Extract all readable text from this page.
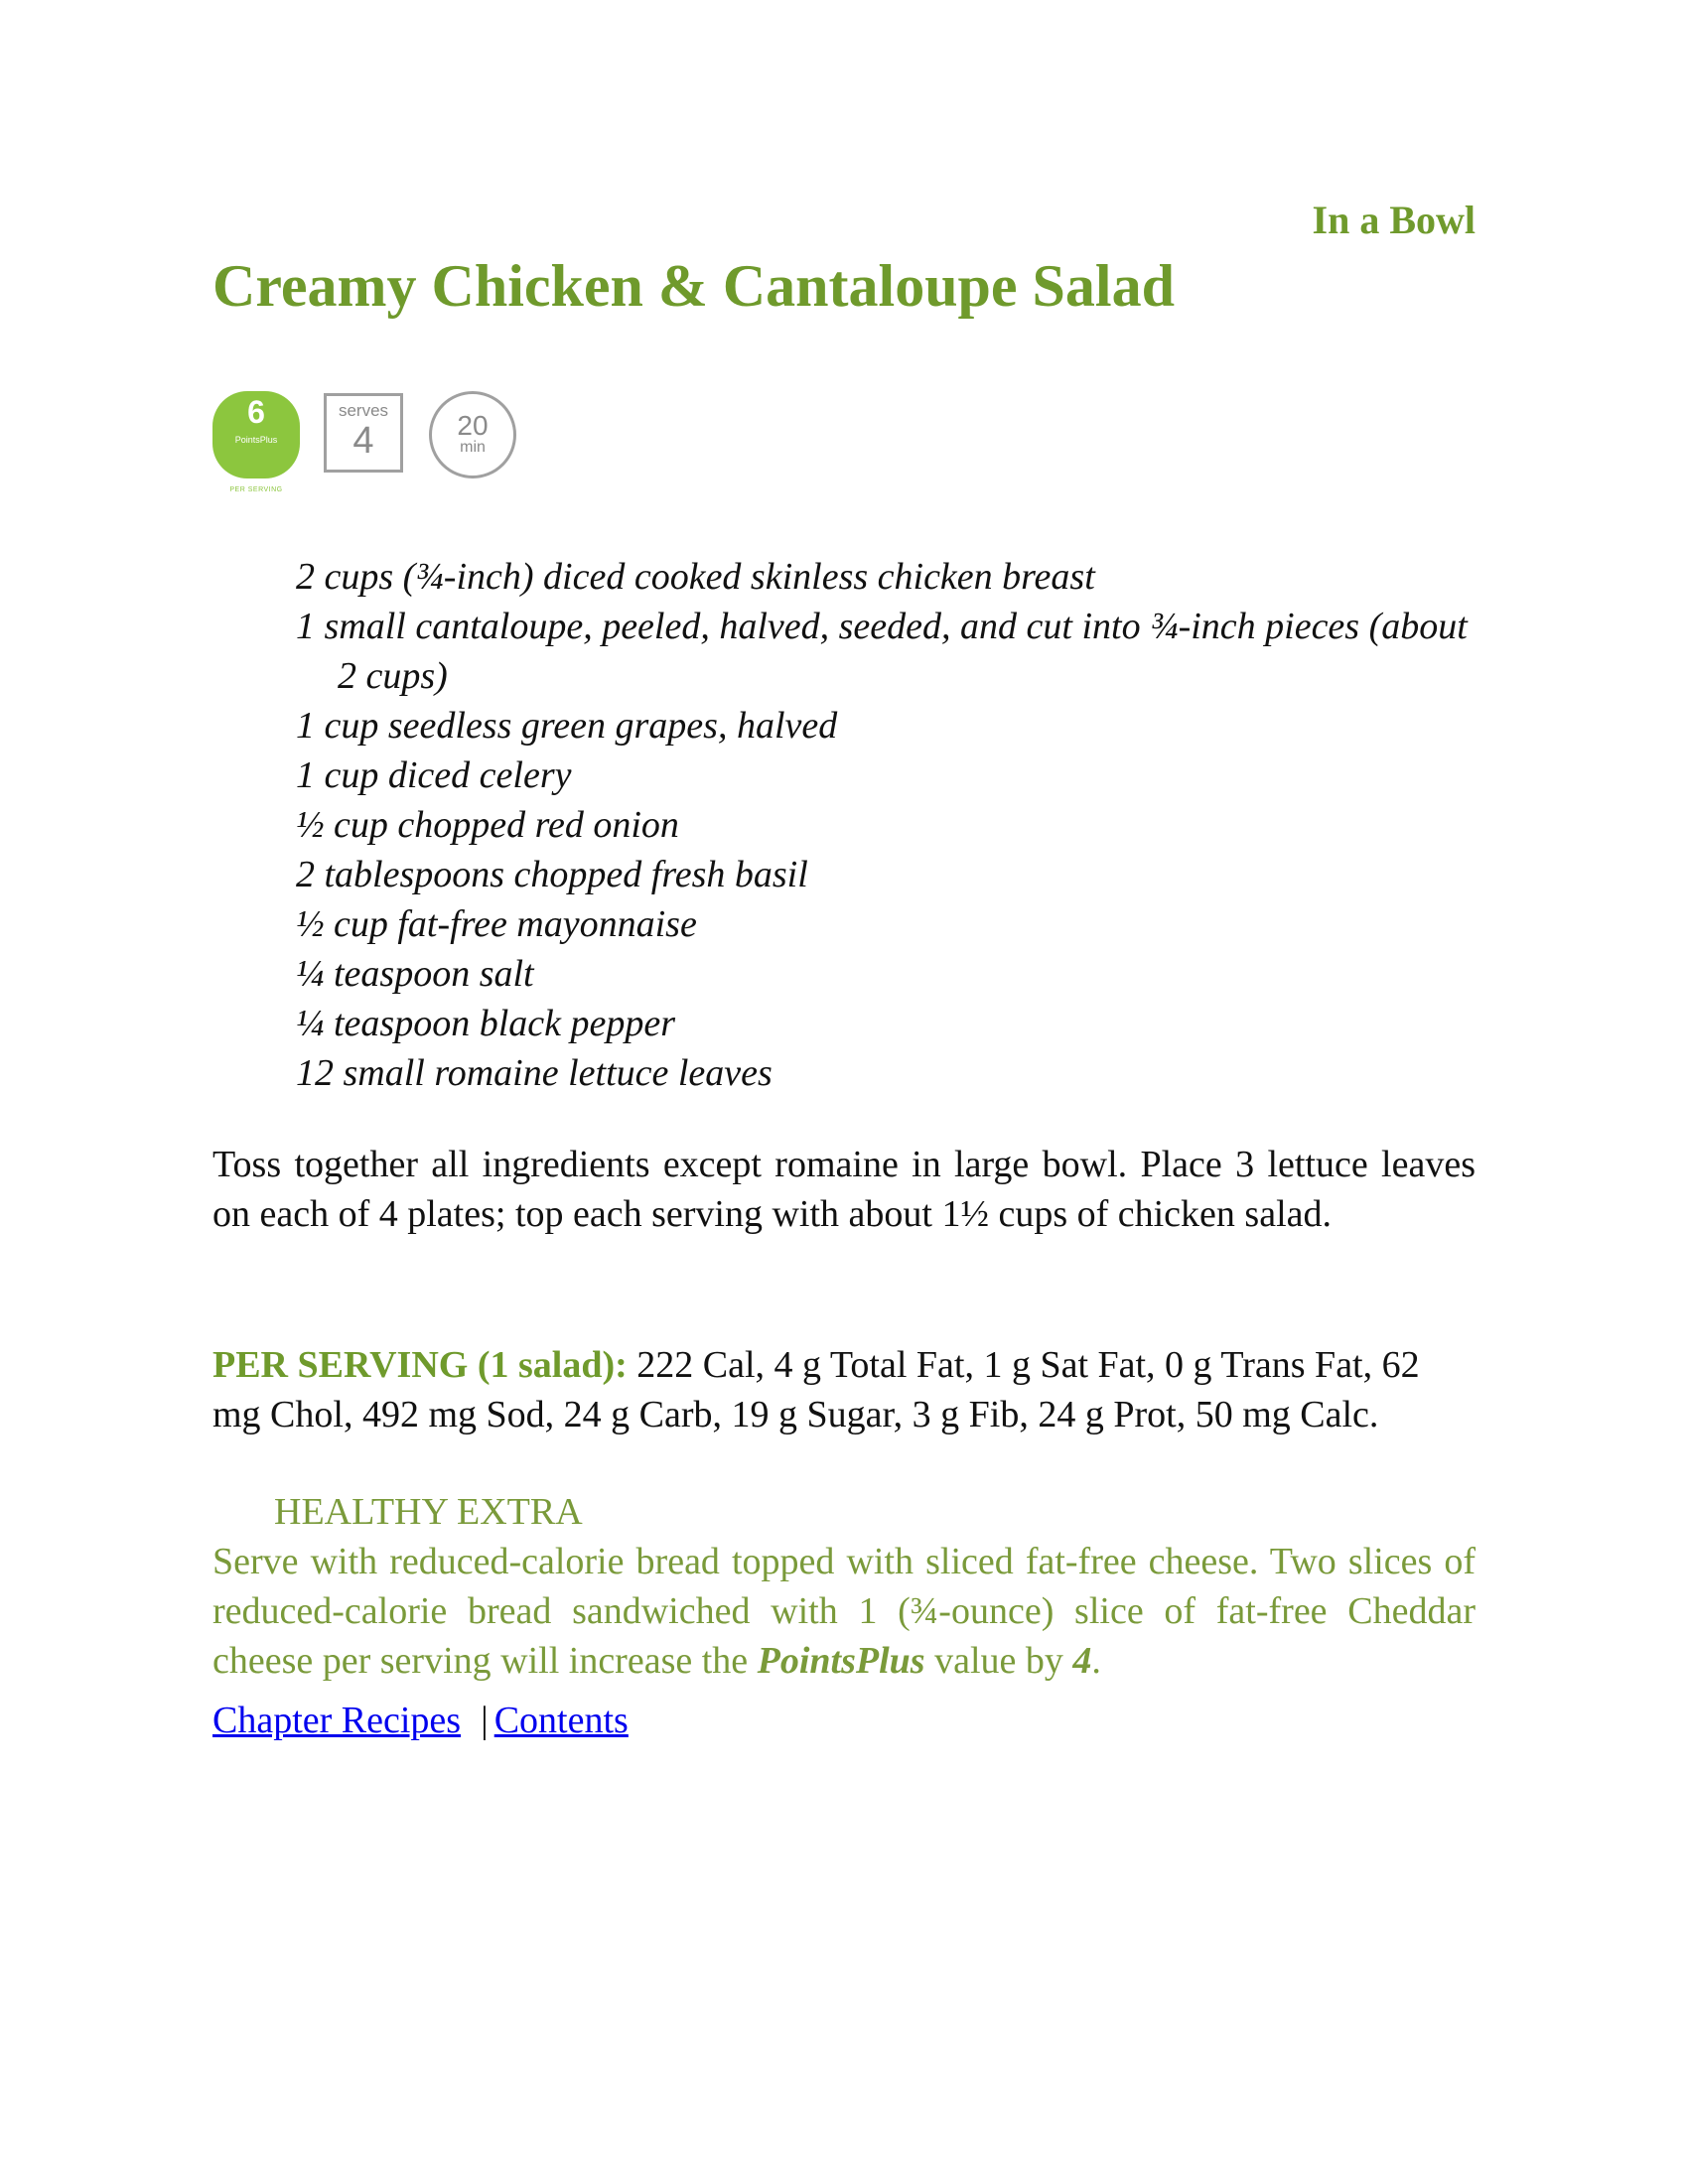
In a Bowl
Creamy Chicken & Cantaloupe Salad
6
PointsPlus
PER SERVING
serves
4	20
min
2 cups (¾-inch) diced cooked skinless chicken breast
1 small cantaloupe, peeled, halved, seeded, and cut into ¾-inch pieces (about 2 cups)
1 cup seedless green grapes, halved
1 cup diced celery
½ cup chopped red onion
2 tablespoons chopped fresh basil
½ cup fat-free mayonnaise
¼ teaspoon salt
¼ teaspoon black pepper
12 small romaine lettuce leaves

Toss together all ingredients except romaine in large bowl. Place 3 lettuce leaves on each of 4 plates; top each serving with about 1½ cups of chicken salad.

PER SERVING (1 salad): 222 Cal, 4 g Total Fat, 1 g Sat Fat, 0 g Trans Fat, 62 mg Chol, 492 mg Sod, 24 g Carb, 19 g Sugar, 3 g Fib, 24 g Prot, 50 mg Calc.

HEALTHY EXTRA

Serve with reduced-calorie bread topped with sliced fat-free cheese. Two slices of reduced-calorie bread sandwiched with 1 (¾-ounce) slice of fat-free Cheddar cheese per serving will increase the PointsPlus value by 4.

Chapter Recipes | Contents
